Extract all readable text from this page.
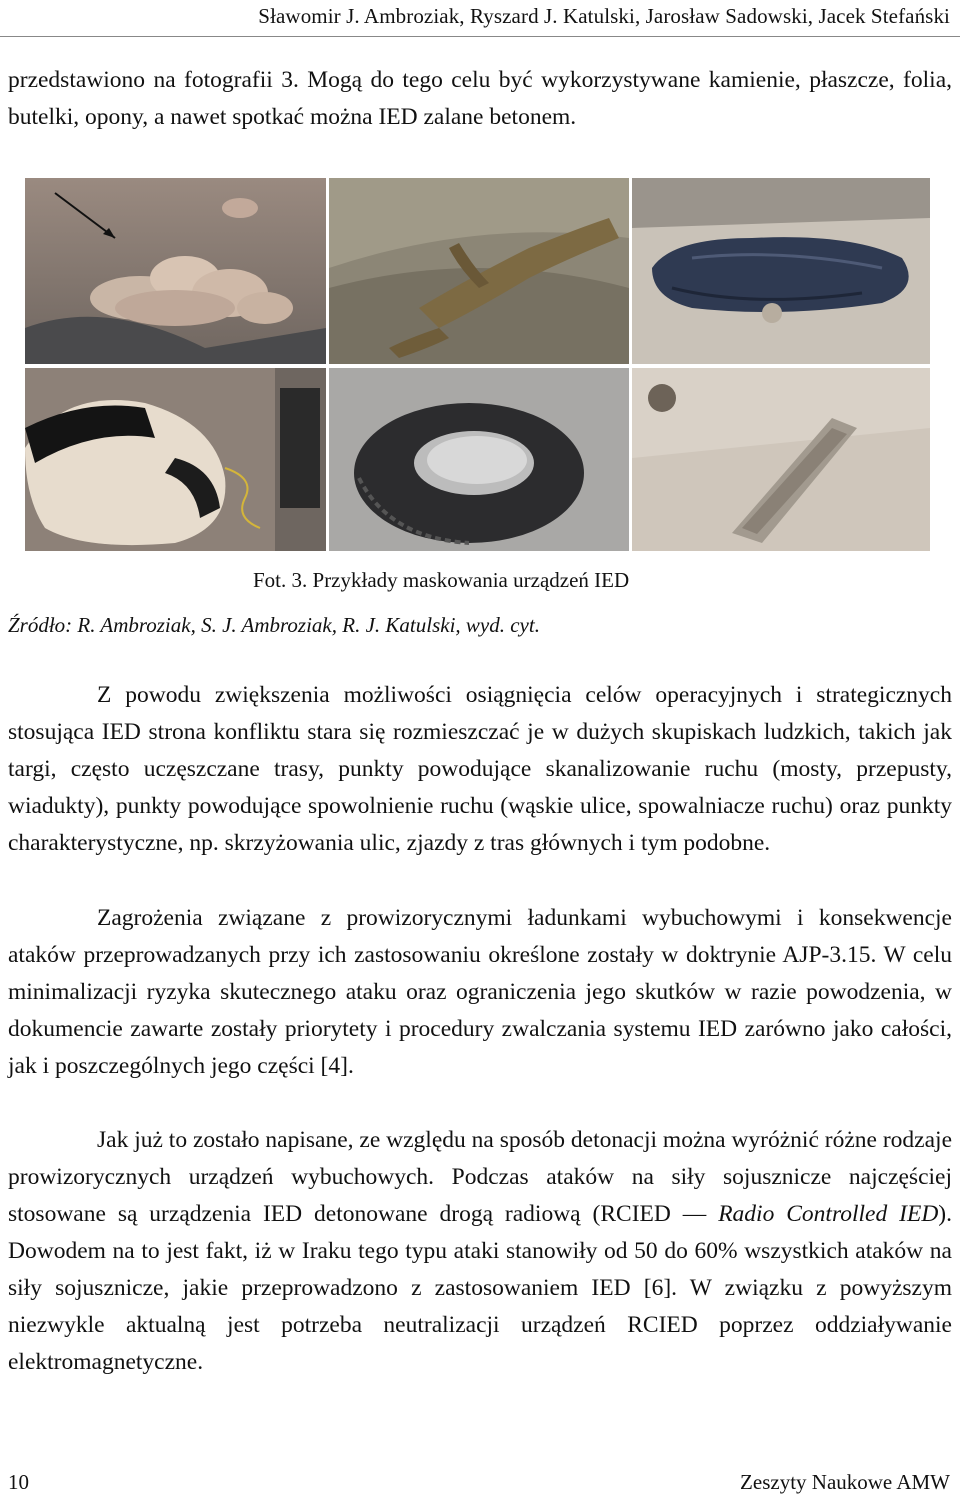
Sławomir J. Ambroziak, Ryszard J. Katulski, Jarosław Sadowski, Jacek Stefański

przedstawiono na fotografii 3. Mogą do tego celu być wykorzystywane kamienie, płaszcze, folia, butelki, opony, a nawet spotkać można IED zalane betonem.

Fot. 3. Przykłady maskowania urządzeń IED
Źródło: R. Ambroziak, S. J. Ambroziak, R. J. Katulski, wyd. cyt.

Z powodu zwiększenia możliwości osiągnięcia celów operacyjnych i strategicznych stosująca IED strona konfliktu stara się rozmieszczać je w dużych skupiskach ludzkich, takich jak targi, często uczęszczane trasy, punkty powodujące skanalizowanie ruchu (mosty, przepusty, wiadukty), punkty powodujące spowolnienie ruchu (wąskie ulice, spowalniacze ruchu) oraz punkty charakterystyczne, np. skrzyżowania ulic, zjazdy z tras głównych i tym podobne.

Zagrożenia związane z prowizorycznymi ładunkami wybuchowymi i konsekwencje ataków przeprowadzanych przy ich zastosowaniu określone zostały w doktrynie AJP-3.15. W celu minimalizacji ryzyka skutecznego ataku oraz ograniczenia jego skutków w razie powodzenia, w dokumencie zawarte zostały priorytety i procedury zwalczania systemu IED zarówno jako całości, jak i poszczególnych jego części [4].

Jak już to zostało napisane, ze względu na sposób detonacji można wyróżnić różne rodzaje prowizorycznych urządzeń wybuchowych. Podczas ataków na siły sojusznicze najczęściej stosowane są urządzenia IED detonowane drogą radiową (RCIED — Radio Controlled IED). Dowodem na to jest fakt, iż w Iraku tego typu ataki stanowiły od 50 do 60% wszystkich ataków na siły sojusznicze, jakie przeprowadzono z zastosowaniem IED [6]. W związku z powyższym niezwykle aktualną jest potrzeba neutralizacji urządzeń RCIED poprzez oddziaływanie elektromagnetyczne.

10	Zeszyty Naukowe AMW
